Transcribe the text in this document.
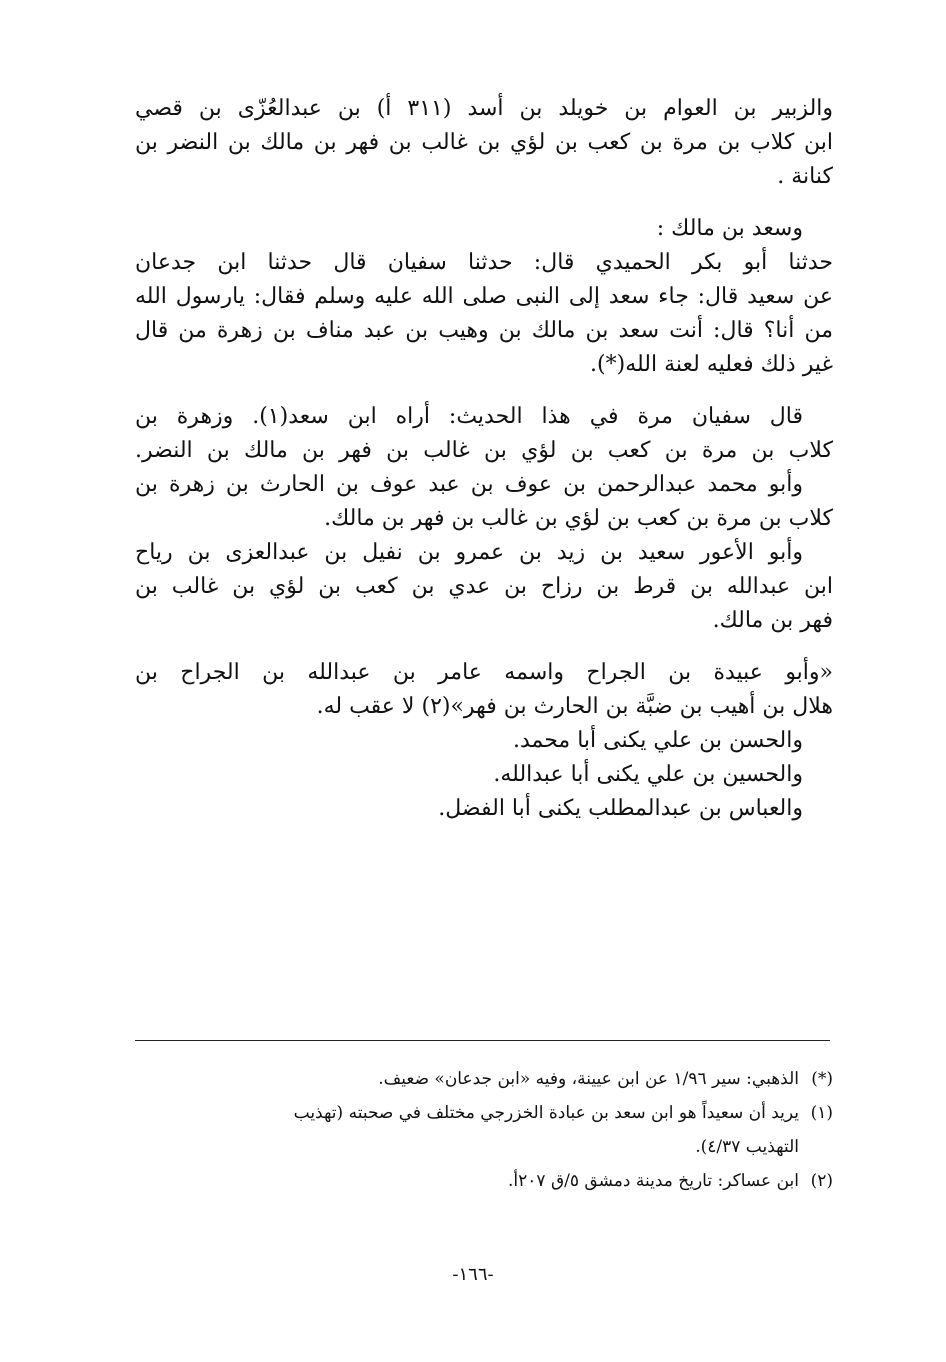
والزبير بن العوام بن خويلد بن أسد (٣١١ أ) بن عبدالعُزّى بن قصي
ابن كلاب بن مرة بن كعب بن لؤي بن غالب بن فهر بن مالك بن النضر بن
كنانة .
وسعد بن مالك :
حدثنا أبو بكر الحميدي قال: حدثنا سفيان قال حدثنا ابن جدعان
عن سعيد قال: جاء سعد إلى النبى صلى الله عليه وسلم فقال: يارسول الله
من أنا؟ قال: أنت سعد بن مالك بن وهيب بن عبد مناف بن زهرة من قال
غير ذلك فعليه لعنة الله(*).
قال سفيان مرة في هذا الحديث: أراه ابن سعد(١). وزهرة بن
كلاب بن مرة بن كعب بن لؤي بن غالب بن فهر بن مالك بن النضر.
وأبو محمد عبدالرحمن بن عوف بن عبد عوف بن الحارث بن زهرة بن
كلاب بن مرة بن كعب بن لؤي بن غالب بن فهر بن مالك.
وأبو الأعور سعيد بن زيد بن عمرو بن نفيل بن عبدالعزى بن رياح
ابن عبدالله بن قرط بن رزاح بن عدي بن كعب بن لؤي بن غالب بن
فهر بن مالك.
«وأبو عبيدة بن الجراح واسمه عامر بن عبدالله بن الجراح بن
هلال بن أهيب بن ضبَّة بن الحارث بن فهر»(٢) لا عقب له.
والحسن بن علي يكنى أبا محمد.
والحسين بن علي يكنى أبا عبدالله.
والعباس بن عبدالمطلب يكنى أبا الفضل.
(*)الذهبي: سير ١/٩٦ عن ابن عيينة، وفيه «ابن جدعان» ضعيف.
(١)يريد أن سعيداً هو ابن سعد بن عبادة الخزرجي مختلف في صحبته (تهذيب
التهذيب ٤/٣٧).
(٢)ابن عساكر: تاريخ مدينة دمشق ٥/ق ٢٠٧أ.
-١٦٦-
